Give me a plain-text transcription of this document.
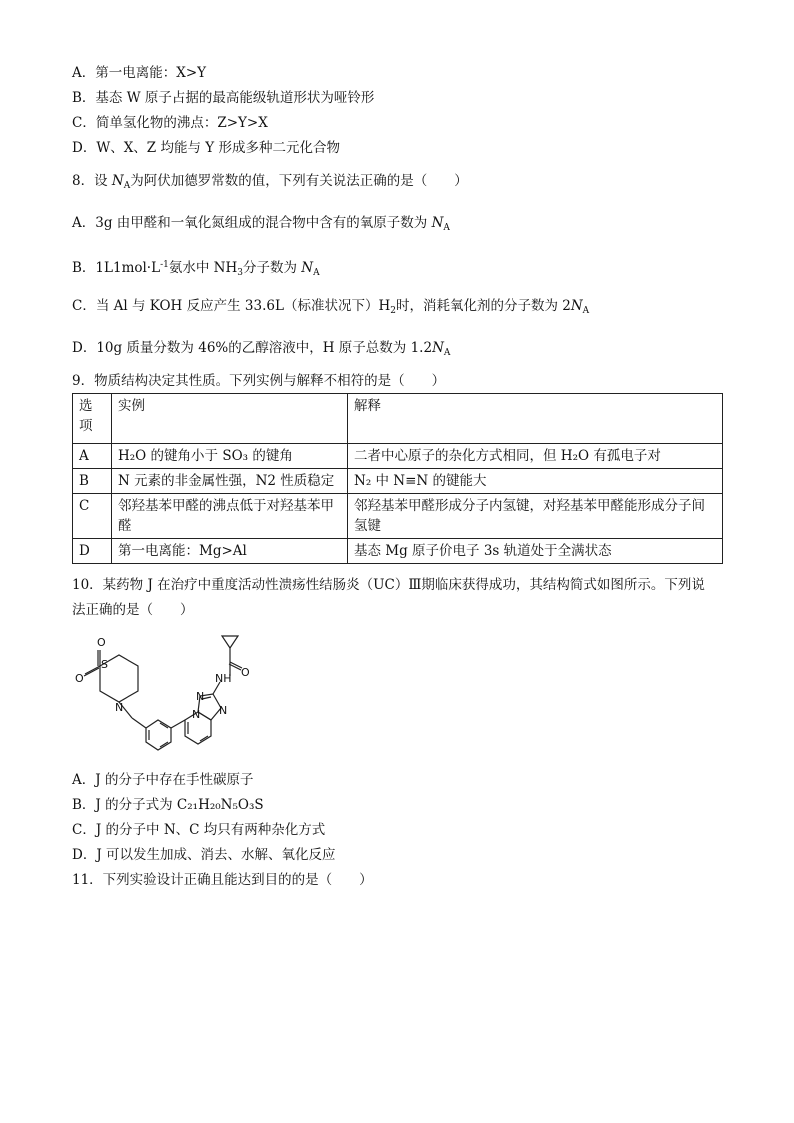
A．第一电离能：X>Y
B．基态 W 原子占据的最高能级轨道形状为哑铃形
C．简单氢化物的沸点：Z>Y>X
D．W、X、Z 均能与 Y 形成多种二元化合物
8．设 $N_A$为阿伏加德罗常数的值，下列有关说法正确的是（　　）
A．3g 由甲醛和一氧化氮组成的混合物中含有的氧原子数为 $N_A$
B．$1L1mol\cdot L^{-1}$氨水中 $NH_3$分子数为 $N_A$
C．当 Al 与 KOH 反应产生 33.6L（标准状况下）$H_2$时，消耗氧化剂的分子数为 $2N_A$
D．10g 质量分数为 46%的乙醇溶液中，H 原子总数为 $1.2N_A$
9．物质结构决定其性质。下列实例与解释不相符的是（　　）
选项	实例	解释
A	H₂O 的键角小于 SO₃ 的键角	二者中心原子的杂化方式相同，但 H₂O 有孤电子对
B	N 元素的非金属性强，N2 性质稳定	N₂ 中 N≡N 的键能大
C	邻羟基苯甲醛的沸点低于对羟基苯甲醛	邻羟基苯甲醛形成分子内氢键，对羟基苯甲醛能形成分子间氢键
D	第一电离能：Mg>Al	基态 Mg 原子价电子 3s 轨道处于全满状态
10．某药物 J 在治疗中重度活动性溃疡性结肠炎（UC）Ⅲ期临床获得成功，其结构简式如图所示。下列说
法正确的是（　　）
O
S
O
N
NH O
N
N
N
A．J 的分子中存在手性碳原子
B．J 的分子式为 C₂₁H₂₀N₅O₃S
C．J 的分子中 N、C 均只有两种杂化方式
D．J 可以发生加成、消去、水解、氧化反应
11．下列实验设计正确且能达到目的的是（　　）
